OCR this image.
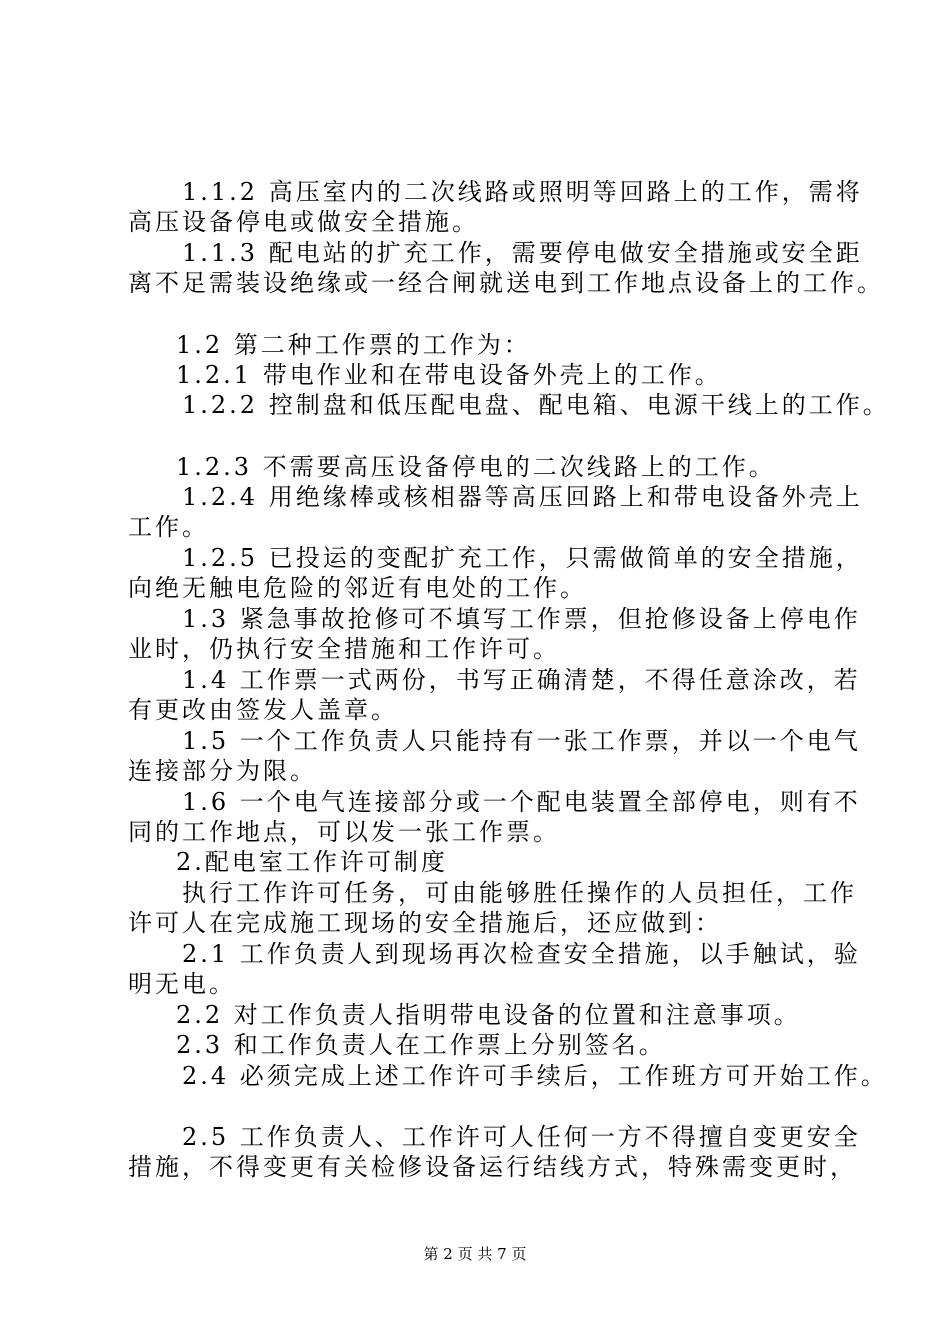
1.1.2 高压室内的二次线路或照明等回路上的工作，需将
高压设备停电或做安全措施。
1.1.3 配电站的扩充工作，需要停电做安全措施或安全距
离不足需装设绝缘或一经合闸就送电到工作地点设备上的工作。
1.2 第二种工作票的工作为：
1.2.1 带电作业和在带电设备外壳上的工作。
1.2.2 控制盘和低压配电盘、配电箱、电源干线上的工作。
1.2.3 不需要高压设备停电的二次线路上的工作。
1.2.4 用绝缘棒或核相器等高压回路上和带电设备外壳上
工作。
1.2.5 已投运的变配扩充工作，只需做简单的安全措施，
向绝无触电危险的邻近有电处的工作。
1.3 紧急事故抢修可不填写工作票，但抢修设备上停电作
业时，仍执行安全措施和工作许可。
1.4 工作票一式两份，书写正确清楚，不得任意涂改，若
有更改由签发人盖章。
1.5 一个工作负责人只能持有一张工作票，并以一个电气
连接部分为限。
1.6 一个电气连接部分或一个配电装置全部停电，则有不
同的工作地点，可以发一张工作票。
2.配电室工作许可制度
执行工作许可任务，可由能够胜任操作的人员担任，工作
许可人在完成施工现场的安全措施后，还应做到：
2.1 工作负责人到现场再次检查安全措施，以手触试，验
明无电。
2.2 对工作负责人指明带电设备的位置和注意事项。
2.3 和工作负责人在工作票上分别签名。
2.4 必须完成上述工作许可手续后，工作班方可开始工作。
2.5 工作负责人、工作许可人任何一方不得擅自变更安全
措施，不得变更有关检修设备运行结线方式，特殊需变更时，
第 2 页 共 7 页
